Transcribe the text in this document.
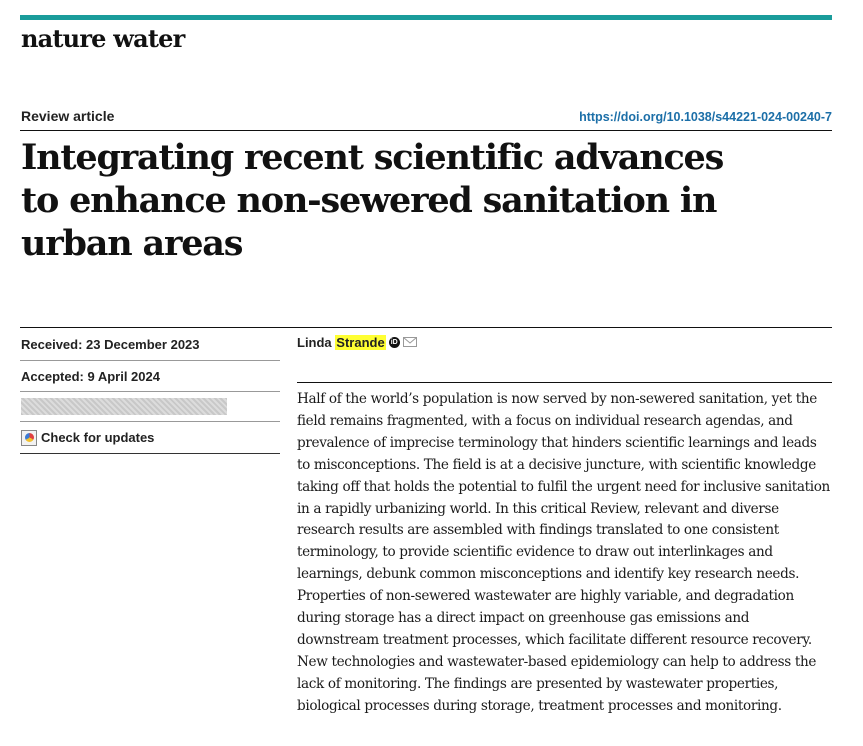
nature water
Review article	https://doi.org/10.1038/s44221-024-00240-7
Integrating recent scientific advances to enhance non-sewered sanitation in urban areas
Received: 23 December 2023
Accepted: 9 April 2024
Check for updates
Linda Strande iD

Half of the world’s population is now served by non-sewered sanitation, yet the field remains fragmented, with a focus on individual research agendas, and prevalence of imprecise terminology that hinders scientific learnings and leads to misconceptions. The field is at a decisive juncture, with scientific knowledge taking off that holds the potential to fulfil the urgent need for inclusive sanitation in a rapidly urbanizing world. In this critical Review, relevant and diverse research results are assembled with findings translated to one consistent terminology, to provide scientific evidence to draw out interlinkages and learnings, debunk common misconceptions and identify key research needs. Properties of non-sewered wastewater are highly variable, and degradation during storage has a direct impact on greenhouse gas emissions and downstream treatment processes, which facilitate different resource recovery. New technologies and wastewater-based epidemiology can help to address the lack of monitoring. The findings are presented by wastewater properties, biological processes during storage, treatment processes and monitoring.
